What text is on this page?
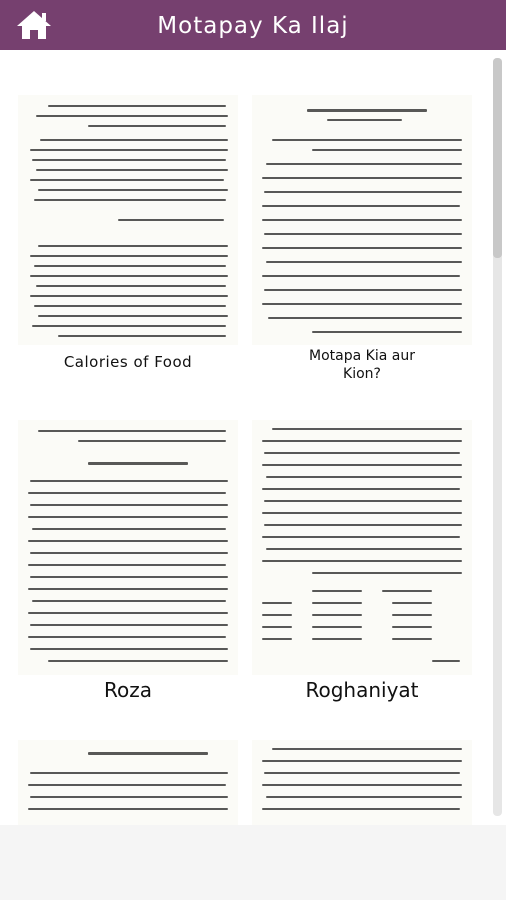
Motapay Ka Ilaj
Calories of Food	Motapa Kia aur Kion?
Roza	Roghaniyat
